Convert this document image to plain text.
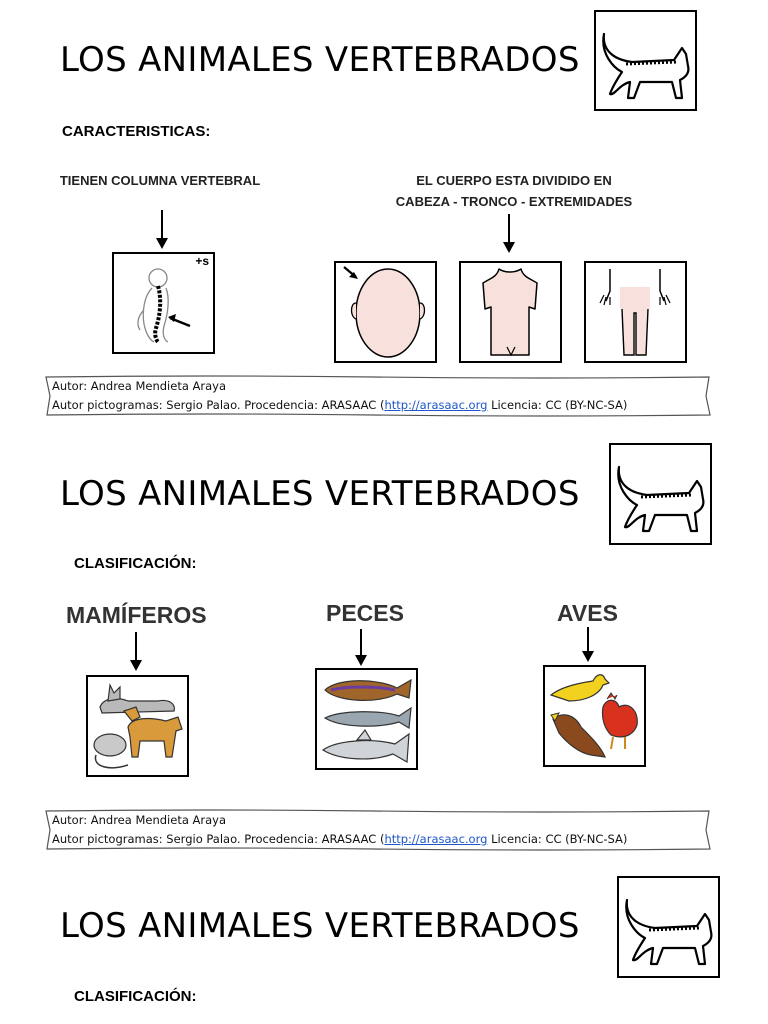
LOS ANIMALES VERTEBRADOS
CARACTERISTICAS:
TIENEN COLUMNA VERTEBRAL	EL CUERPO ESTA DIVIDIDO EN
CABEZA - TRONCO - EXTREMIDADES
+s
Autor: Andrea Mendieta Araya
Autor pictogramas: Sergio Palao. Procedencia: ARASAAC (http://arasaac.org Licencia: CC (BY-NC-SA)
LOS ANIMALES VERTEBRADOS
CLASIFICACIÓN:
MAMÍFEROS	PECES	AVES
Autor: Andrea Mendieta Araya
Autor pictogramas: Sergio Palao. Procedencia: ARASAAC (http://arasaac.org Licencia: CC (BY-NC-SA)
LOS ANIMALES VERTEBRADOS
CLASIFICACIÓN:
